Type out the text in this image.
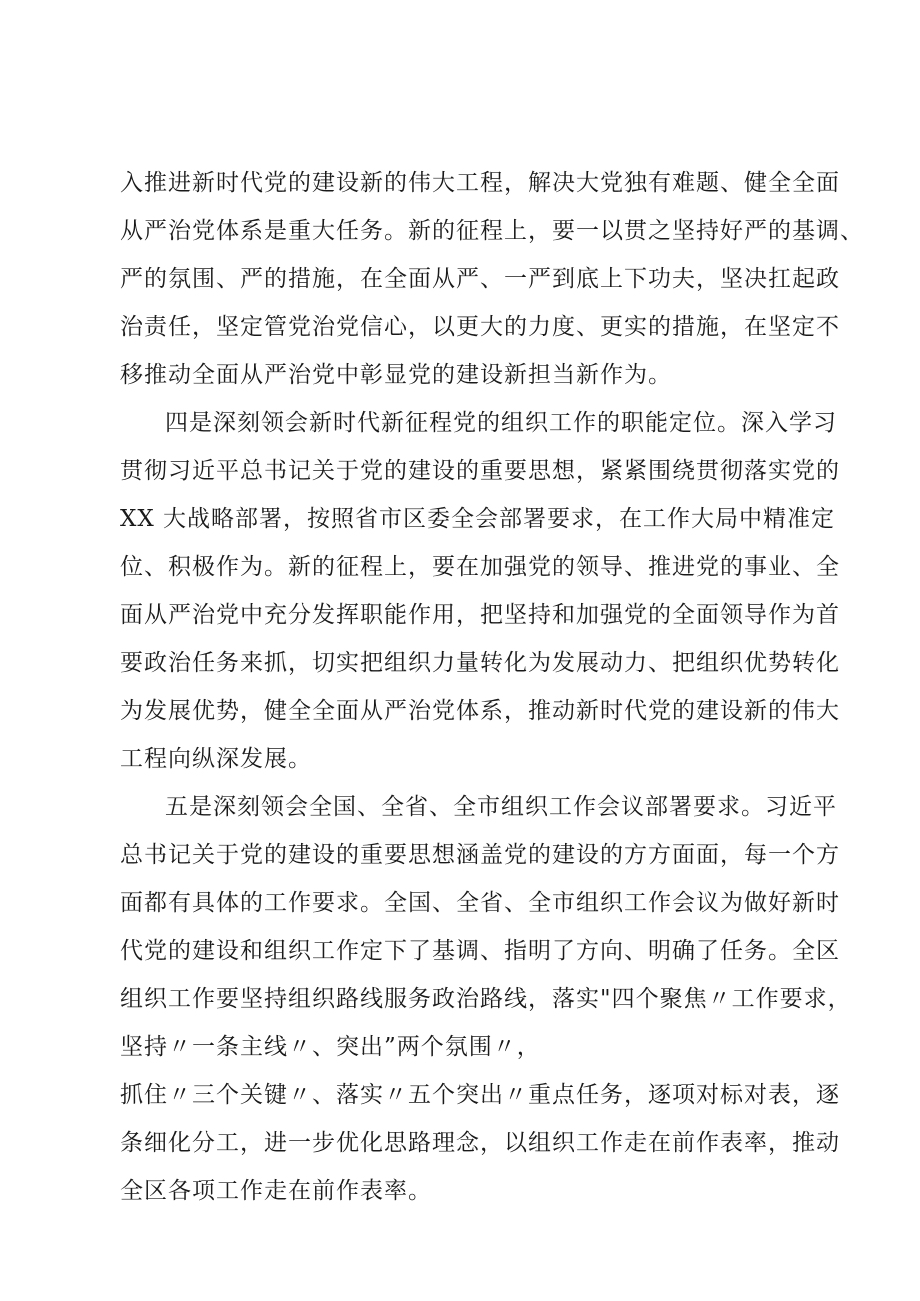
入推进新时代党的建设新的伟大工程，解决大党独有难题、健全全面
从严治党体系是重大任务。新的征程上，要一以贯之坚持好严的基调、
严的氛围、严的措施，在全面从严、一严到底上下功夫，坚决扛起政
治责任，坚定管党治党信心，以更大的力度、更实的措施，在坚定不
移推动全面从严治党中彰显党的建设新担当新作为。
四是深刻领会新时代新征程党的组织工作的职能定位。深入学习
贯彻习近平总书记关于党的建设的重要思想，紧紧围绕贯彻落实党的
XX 大战略部署，按照省市区委全会部署要求，在工作大局中精准定
位、积极作为。新的征程上，要在加强党的领导、推进党的事业、全
面从严治党中充分发挥职能作用，把坚持和加强党的全面领导作为首
要政治任务来抓，切实把组织力量转化为发展动力、把组织优势转化
为发展优势，健全全面从严治党体系，推动新时代党的建设新的伟大
工程向纵深发展。
五是深刻领会全国、全省、全市组织工作会议部署要求。习近平
总书记关于党的建设的重要思想涵盖党的建设的方方面面，每一个方
面都有具体的工作要求。全国、全省、全市组织工作会议为做好新时
代党的建设和组织工作定下了基调、指明了方向、明确了任务。全区
组织工作要坚持组织路线服务政治路线，落实"四个聚焦〃工作要求，
坚持〃一条主线〃、突出”两个氛围〃，
抓住〃三个关键〃、落实〃五个突出〃重点任务，逐项对标对表，逐
条细化分工，进一步优化思路理念，以组织工作走在前作表率，推动
全区各项工作走在前作表率。
